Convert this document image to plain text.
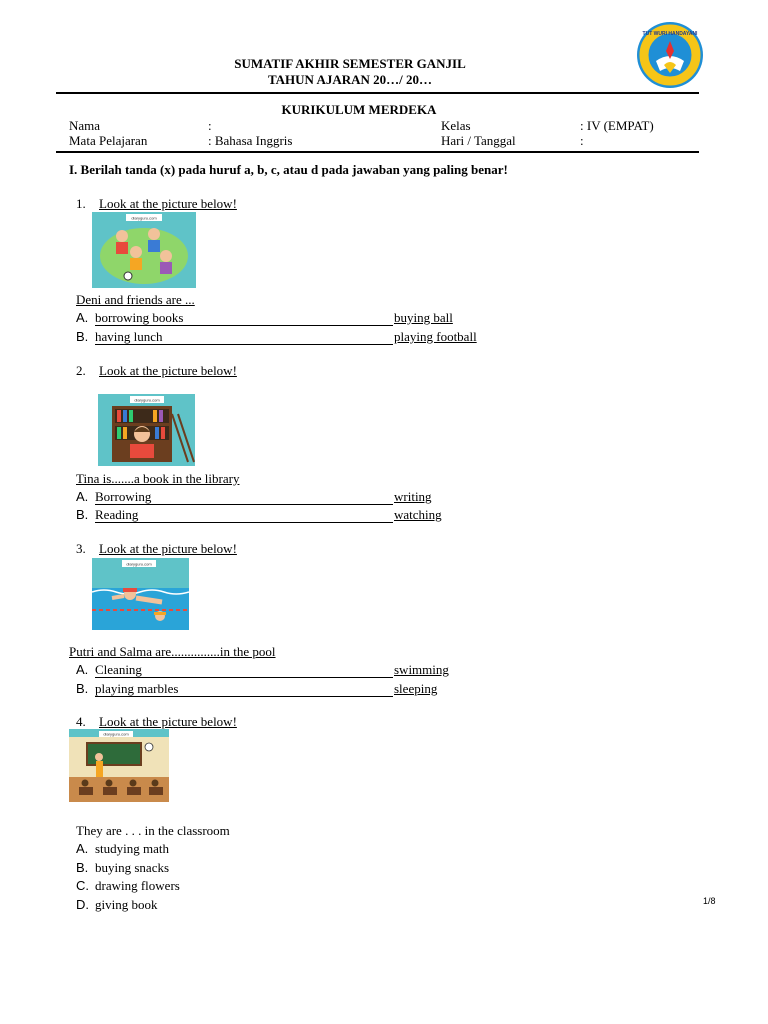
SUMATIF AKHIR SEMESTER GANJIL
TAHUN AJARAN 20…/ 20…
TUT WURI HANDAYANI
KURIKULUM MERDEKA
Nama	:	Kelas	: IV (EMPAT)
Mata Pelajaran	: Bahasa Inggris	Hari / Tanggal	:
I. Berilah tanda (x) pada huruf a, b, c, atau d pada jawaban yang paling benar!
1. Look at the picture below!
diaryguru.com
Deni and friends are ...
A. borrowing books	buying ball
B. having lunch	playing football
2. Look at the picture below!
diaryguru.com
Tina is.......a book in the library
A. Borrowing	writing
B. Reading	watching
3. Look at the picture below!
diaryguru.com
Putri and Salma are...............in the pool
A. Cleaning	swimming
B. playing marbles	sleeping
4. Look at the picture below!
diaryguru.com
They are . . . in the classroom
A. studying math
B. buying snacks
C. drawing flowers
D. giving book	1/8
